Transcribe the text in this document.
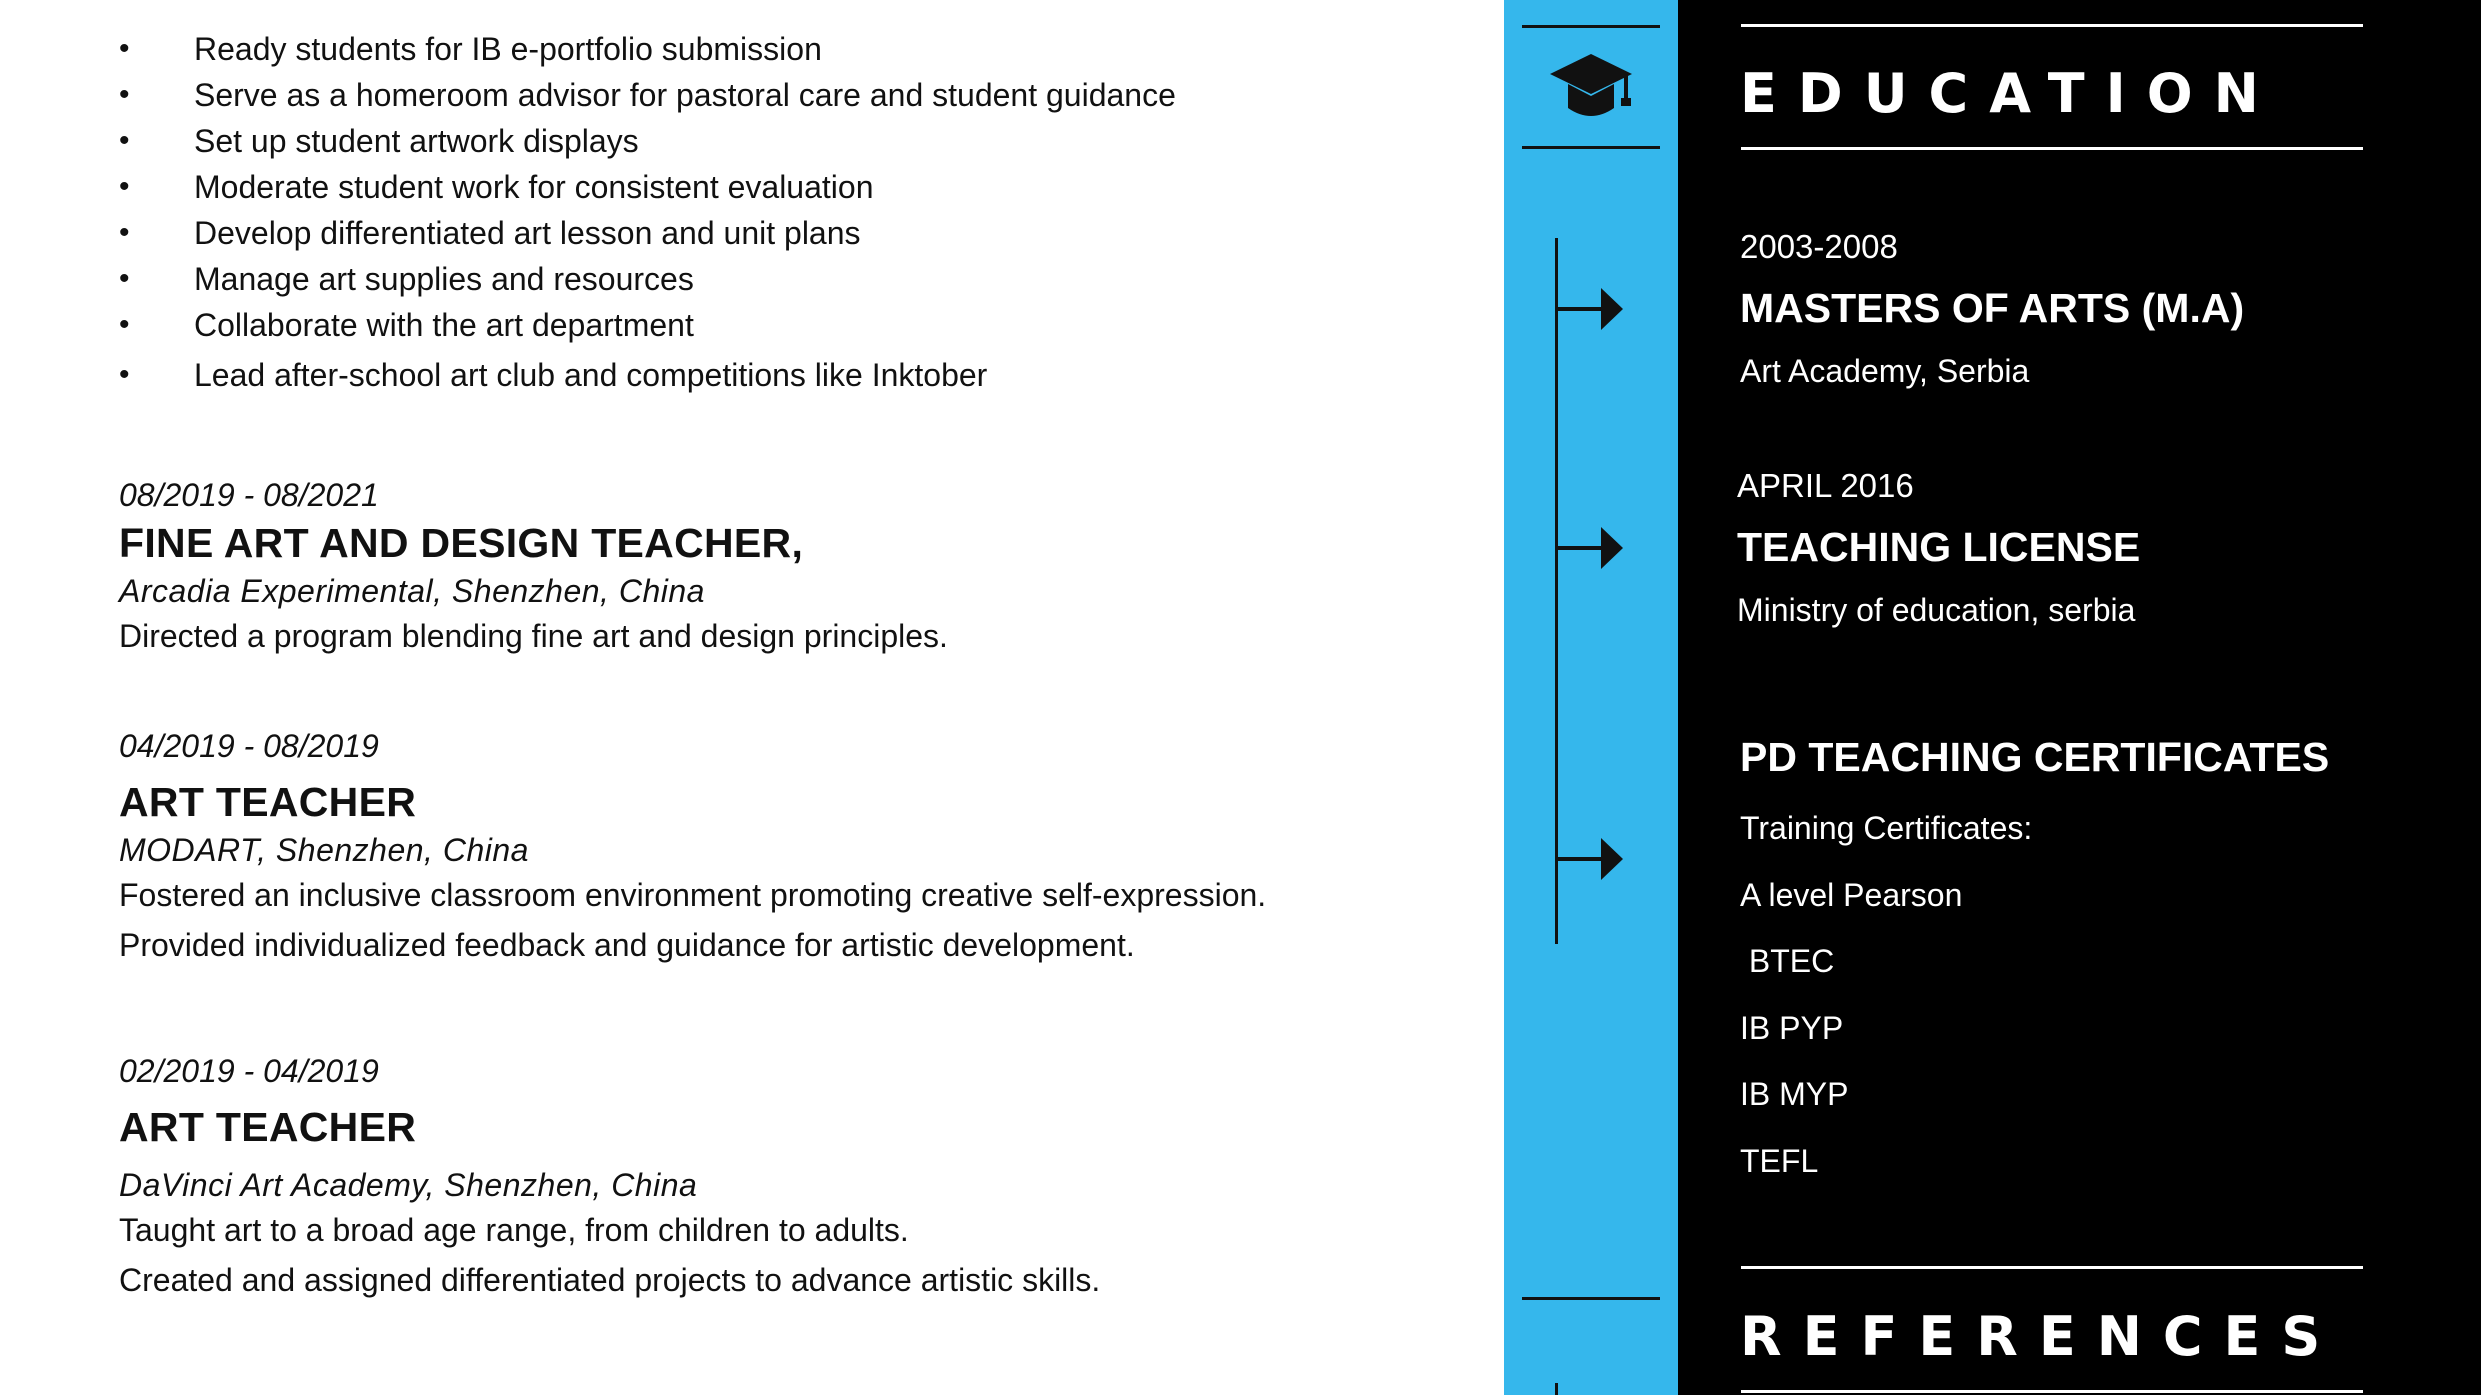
• Ready students for IB e-portfolio submission
• Serve as a homeroom advisor for pastoral care and student guidance
• Set up student artwork displays
• Moderate student work for consistent evaluation
• Develop differentiated art lesson and unit plans
• Manage art supplies and resources
• Collaborate with the art department
• Lead after-school art club and competitions like Inktober
08/2019 - 08/2021
FINE ART AND DESIGN TEACHER,
Arcadia Experimental, Shenzhen, China
Directed a program blending fine art and design principles.
04/2019 - 08/2019
ART TEACHER
MODART, Shenzhen, China
Fostered an inclusive classroom environment promoting creative self-expression.
Provided individualized feedback and guidance for artistic development.
02/2019 - 04/2019
ART TEACHER
DaVinci Art Academy, Shenzhen, China
Taught art to a broad age range, from children to adults.
Created and assigned differentiated projects to advance artistic skills.
EDUCATION
2003-2008
MASTERS OF ARTS (M.A)
Art Academy, Serbia
APRIL 2016
TEACHING LICENSE
Ministry of education, serbia
PD TEACHING CERTIFICATES
Training Certificates:
A level Pearson
BTEC
IB PYP
IB MYP
TEFL
REFERENCES
